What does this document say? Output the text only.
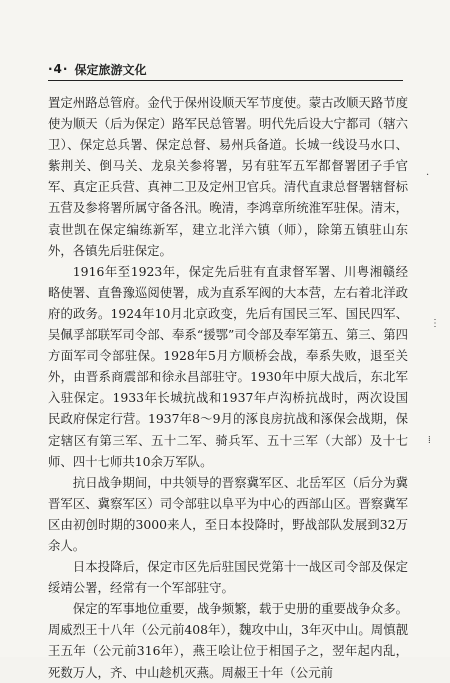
·4· 保定旅游文化

置定州路总管府。金代于保州设顺天军节度使。蒙古改顺天路节度使为顺天（后为保定）路军民总管署。明代先后设大宁都司（辖六卫）、保定总兵署、保定总督、易州兵备道。长城一线设马水口、紫荆关、倒马关、龙泉关参将署，另有驻军五军都督署团子手官军、真定正兵营、真神二卫及定州卫官兵。清代直隶总督署辖督标五营及参将署所属守备各汛。晚清，李鸿章所统淮军驻保。清末，袁世凯在保定编练新军，建立北洋六镇（师），除第五镇驻山东外，各镇先后驻保定。

1916年至1923年，保定先后驻有直隶督军署、川粤湘赣经略使署、直鲁豫巡阅使署，成为直系军阀的大本营，左右着北洋政府的政务。1924年10月北京政变，先后有国民三军、国民四军、吴佩孚部联军司令部、奉系“援鄂”司令部及奉军第五、第三、第四方面军司令部驻保。1928年5月方顺桥会战，奉系失败，退至关外，由晋系商震部和徐永昌部驻守。1930年中原大战后，东北军入驻保定。1933年长城抗战和1937年卢沟桥抗战时，两次设国民政府保定行营。1937年8～9月的涿良房抗战和涿保会战期，保定辖区有第三军、五十二军、骑兵军、五十三军（大部）及十七师、四十七师共10余万军队。

抗日战争期间，中共领导的晋察冀军区、北岳军区（后分为冀晋军区、冀察军区）司令部驻以阜平为中心的西部山区。晋察冀军区由初创时期的3000来人，至日本投降时，野战部队发展到32万余人。

日本投降后，保定市区先后驻国民党第十一战区司令部及保定绥靖公署，经常有一个军部驻守。

保定的军事地位重要，战争频繁，载于史册的重要战争众多。周威烈王十八年（公元前408年），魏攻中山，3年灭中山。周慎靓王五年（公元前316年），燕王哙让位于相国子之，翌年起内乱，死数万人，齐、中山趁机灭燕。周赧王十年（公元前

·
⋮
⁞
